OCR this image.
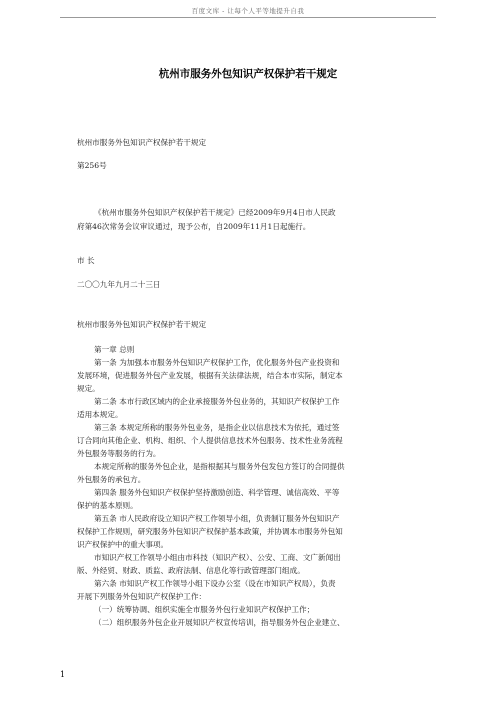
百度文库 - 让每个人平等地提升自我
杭州市服务外包知识产权保护若干规定
杭州市服务外包知识产权保护若干规定
第256号
《杭州市服务外包知识产权保护若干规定》已经2009年9月4日市人民政
府第46次常务会议审议通过，现予公布，自2009年11月1日起施行。
市 长
二〇〇九年九月二十三日
杭州市服务外包知识产权保护若干规定
第一章 总则
第一条 为加强本市服务外包知识产权保护工作，优化服务外包产业投资和
发展环境，促进服务外包产业发展，根据有关法律法规，结合本市实际，制定本
规定。
第二条 本市行政区域内的企业承接服务外包业务的，其知识产权保护工作
适用本规定。
第三条 本规定所称的服务外包业务，是指企业以信息技术为依托，通过签
订合同向其他企业、机构、组织、个人提供信息技术外包服务、技术性业务流程
外包服务等服务的行为。
本规定所称的服务外包企业，是指根据其与服务外包发包方签订的合同提供
外包服务的承包方。
第四条 服务外包知识产权保护坚持激励创造、科学管理、诚信高效、平等
保护的基本原则。
第五条 市人民政府设立知识产权工作领导小组，负责制订服务外包知识产
权保护工作规则，研究服务外包知识产权保护基本政策，并协调本市服务外包知
识产权保护中的重大事项。
市知识产权工作领导小组由市科技（知识产权）、公安、工商、文广新闻出
版、外经贸、财政、质监、政府法制、信息化等行政管理部门组成。
第六条 市知识产权工作领导小组下设办公室（设在市知识产权局），负责
开展下列服务外包知识产权保护工作：
（一）统筹协调、组织实施全市服务外包行业知识产权保护工作；
（二）组织服务外包企业开展知识产权宣传培训，指导服务外包企业建立、
1
